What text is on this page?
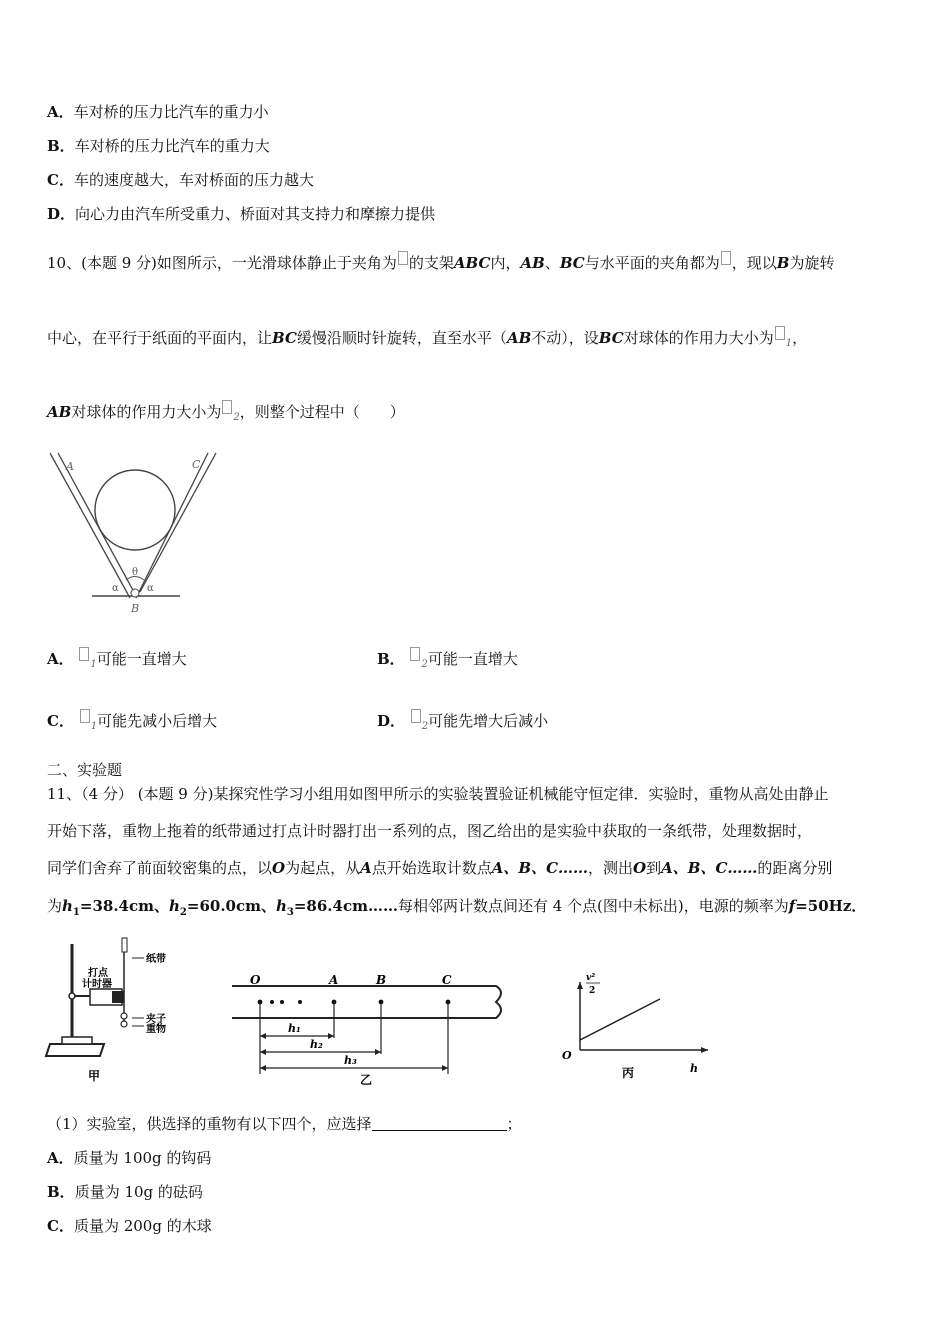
A．车对桥的压力比汽车的重力小
B．车对桥的压力比汽车的重力大
C．车的速度越大，车对桥面的压力越大
D．向心力由汽车所受重力、桥面对其支持力和摩擦力提供
10、(本题 9 分)如图所示，一光滑球体静止于夹角为 的支架ABC内，AB、BC与水平面的夹角都为 ，现以B为旋转
中心，在平行于纸面的平面内，让BC缓慢沿顺时针旋转，直至水平（AB不动），设BC对球体的作用力大小为 $_1$，
AB对球体的作用力大小为 $_2$，则整个过程中（　　）
A	C
θ
α	α
B
A． $_1$可能一直增大	B． $_2$可能一直增大
C． $_1$可能先减小后增大	D． $_2$可能先增大后减小
二、实验题
11、（4 分） (本题 9 分)某探究性学习小组用如图甲所示的实验装置验证机械能守恒定律．实验时，重物从高处由静止
开始下落，重物上拖着的纸带通过打点计时器打出一系列的点，图乙给出的是实验中获取的一条纸带，处理数据时，
同学们舍弃了前面较密集的点，以O为起点，从A点开始选取计数点A、B、C……，测出O到A、B、C……的距离分别
为$h_1=38.4cm$、$h_2=60.0cm$、$h_3=86.4cm\dots\dots$每相邻两计数点间还有 4 个点(图中未标出)，电源的频率为f=50Hz．
打点
计时器
纸带
夹子
重物
甲
O	A	B	C
h₁
h₂
h₃
乙
v²
2
O
h
丙
（1）实验室，供选择的重物有以下四个，应选择	；
A．质量为 100g 的钩码
B．质量为 10g 的砝码
C．质量为 200g 的木球
